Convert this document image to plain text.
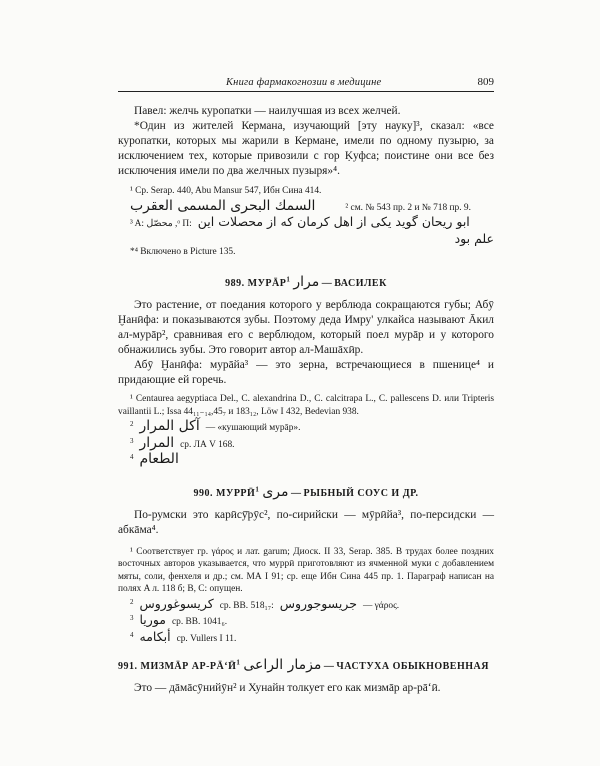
Книга фармакогнозии в медицине	809

Павел: желчь куропатки — наилучшая из всех желчей.

*Один из жителей Кермана, изучающий [эту науку]³, сказал: «все куропатки, которых мы жарили в Кермане, имели по одному пузырю, за исключением тех, которые привозили с гор Ḳуфса; поистине они все без исключения имели по два желчных пузыря»⁴.

¹ Ср. Serap. 440, Abu Mansur 547, Ибн Сина 414.

السمك البحرى المسمى العقرب	² см. № 543 пр. 2 и № 718 пр. 9.
³ A: محصّل ,ᵒ П: ابو ريحان گويد يكى از اهل كرمان كه از محصلات اين
علم بود

*⁴ Включено в Picture 135.

989. МУРĀР$^1$ مرار — ВАСИЛЕК

Это растение, от поедания которого у верблюда сокращаются губы; Абӯ Ḫанӣфа: и показываются зубы. Поэтому деда Имру' улкайса называют Āкил ал-мурāр², сравнивая его с верблюдом, который поел мурāр и у которого обнажились зубы. Это говорит автор ал-Машāхӣр.

Абӯ Ḫанӣфа: мурāйа³ — это зерна, встречающиеся в пшенице⁴ и придающие ей горечь.

¹ Centaurea aegyptiaca Del., C. alexandrina D., C. calcitrapa L., C. pallescens D. или Tripteris vaillantii L.; Issa 44₁₁₋₁₄,45₇ и 183₁₂, Löw I 432, Bedevian 938.

$^2$ آكل المرار — «кушающий мурāр».
$^3$ المرار ср. ЛА V 168.
$^4$ الطعام
990. МУРРӢ$^1$ مرى — РЫБНЫЙ СОУС И ДР.

По-румски это карӣсӯ̄рӯс², по-сирийски — мӯрӣйа³, по-персидски — абкāма⁴.

¹ Соответствует гр. γάρος и лат. garum; Диоск. II 33, Serap. 385. В трудах более поздних восточных авторов указывается, что муррӣ приготовляют из ячменной муки с добавлением мяты, соли, фенхеля и др.; см. МА I 91; ср. еще Ибн Сина 445 пр. 1. Параграф написан на полях A л. 118 б; B, C: опущен.

$^2$ كريسوغوروس ср. BB. 518₁₇: جريسوجوروس — γάρος.
$^3$ موريا ср. BB. 1041₆.
$^4$ أبكامه ср. Vullers I 11.
991. МИЗМĀР АР-РĀʻӢ$^1$ مزمار الراعى — ЧАСТУХА ОБЫКНОВЕННАЯ

Это — дāмāсӯнийӯн² и Хунайн толкует его как мизмāр ар-рāʻӣ.
